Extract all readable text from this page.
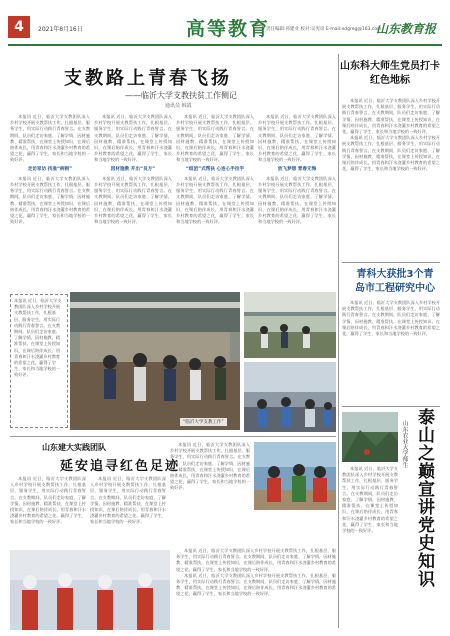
4	2021年8月16日	高等教育
责任编辑:孙建业 校对:吴宪谊 E-mail:edgreg@163.com
山东教育报
支教路上青春飞扬
——临沂大学支教扶贫工作侧记
通讯员 韩霞
本报讯 近日，临沂大学支教团队深入乡村学校开展支教帮扶工作，扎根基层、服务学生，用实际行动践行青春誓言。在支教期间，队员们走访家庭、了解学情，因材施教、精准帮扶，在课堂上传授知识，在课后陪伴成长，用青春和汗水浇灌乡村教育的希望之花，赢得了学生、家长和当地学校的一致好评。
走访家访 找准“病根”
本报讯 近日，临沂大学支教团队深入乡村学校开展支教帮扶工作，扎根基层、服务学生，用实际行动践行青春誓言。在支教期间，队员们走访家庭、了解学情，因材施教、精准帮扶，在课堂上传授知识，在课后陪伴成长，用青春和汗水浇灌乡村教育的希望之花，赢得了学生、家长和当地学校的一致好评。
本报讯 近日，临沂大学支教团队深入乡村学校开展支教帮扶工作，扎根基层、服务学生，用实际行动践行青春誓言。在支教期间，队员们走访家庭、了解学情，因材施教、精准帮扶，在课堂上传授知识，在课后陪伴成长，用青春和汗水浇灌乡村教育的希望之花，赢得了学生、家长和当地学校的一致好评。
因材施教 开出“良方”
本报讯 近日，临沂大学支教团队深入乡村学校开展支教帮扶工作，扎根基层、服务学生，用实际行动践行青春誓言。在支教期间，队员们走访家庭、了解学情，因材施教、精准帮扶，在课堂上传授知识，在课后陪伴成长，用青春和汗水浇灌乡村教育的希望之花，赢得了学生、家长和当地学校的一致好评。
本报讯 近日，临沂大学支教团队深入乡村学校开展支教帮扶工作，扎根基层、服务学生，用实际行动践行青春誓言。在支教期间，队员们走访家庭、了解学情，因材施教、精准帮扶，在课堂上传授知识，在课后陪伴成长，用青春和汗水浇灌乡村教育的希望之花，赢得了学生、家长和当地学校的一致好评。
“组团”式帮扶 心连心手拉手
本报讯 近日，临沂大学支教团队深入乡村学校开展支教帮扶工作，扎根基层、服务学生，用实际行动践行青春誓言。在支教期间，队员们走访家庭、了解学情，因材施教、精准帮扶，在课堂上传授知识，在课后陪伴成长，用青春和汗水浇灌乡村教育的希望之花，赢得了学生、家长和当地学校的一致好评。
本报讯 近日，临沂大学支教团队深入乡村学校开展支教帮扶工作，扎根基层、服务学生，用实际行动践行青春誓言。在支教期间，队员们走访家庭、了解学情，因材施教、精准帮扶，在课堂上传授知识，在课后陪伴成长，用青春和汗水浇灌乡村教育的希望之花，赢得了学生、家长和当地学校的一致好评。
放飞梦想 青春无悔
本报讯 近日，临沂大学支教团队深入乡村学校开展支教帮扶工作，扎根基层、服务学生，用实际行动践行青春誓言。在支教期间，队员们走访家庭、了解学情，因材施教、精准帮扶，在课堂上传授知识，在课后陪伴成长，用青春和汗水浇灌乡村教育的希望之花，赢得了学生、家长和当地学校的一致好评。
本报讯 近日，临沂大学支教团队深入乡村学校开展支教帮扶工作，扎根基层、服务学生，用实际行动践行青春誓言。在支教期间，队员们走访家庭、了解学情，因材施教、精准帮扶，在课堂上传授知识，在课后陪伴成长，用青春和汗水浇灌乡村教育的希望之花，赢得了学生、家长和当地学校的一致好评。
“临沂大学支教工作”
山东建大实践团队
延安追寻红色足迹
本报讯 近日，临沂大学支教团队深入乡村学校开展支教帮扶工作，扎根基层、服务学生，用实际行动践行青春誓言。在支教期间，队员们走访家庭、了解学情，因材施教、精准帮扶，在课堂上传授知识，在课后陪伴成长，用青春和汗水浇灌乡村教育的希望之花，赢得了学生、家长和当地学校的一致好评。
本报讯 近日，临沂大学支教团队深入乡村学校开展支教帮扶工作，扎根基层、服务学生，用实际行动践行青春誓言。在支教期间，队员们走访家庭、了解学情，因材施教、精准帮扶，在课堂上传授知识，在课后陪伴成长，用青春和汗水浇灌乡村教育的希望之花，赢得了学生、家长和当地学校的一致好评。
本报讯 近日，临沂大学支教团队深入乡村学校开展支教帮扶工作，扎根基层、服务学生，用实际行动践行青春誓言。在支教期间，队员们走访家庭、了解学情，因材施教、精准帮扶，在课堂上传授知识，在课后陪伴成长，用青春和汗水浇灌乡村教育的希望之花，赢得了学生、家长和当地学校的一致好评。
本报讯 近日，临沂大学支教团队深入乡村学校开展支教帮扶工作，扎根基层、服务学生，用实际行动践行青春誓言。在支教期间，队员们走访家庭、了解学情，因材施教、精准帮扶，在课堂上传授知识，在课后陪伴成长，用青春和汗水浇灌乡村教育的希望之花，赢得了学生、家长和当地学校的一致好评。
本报讯 近日，临沂大学支教团队深入乡村学校开展支教帮扶工作，扎根基层、服务学生，用实际行动践行青春誓言。在支教期间，队员们走访家庭、了解学情，因材施教、精准帮扶，在课堂上传授知识，在课后陪伴成长，用青春和汗水浇灌乡村教育的希望之花，赢得了学生、家长和当地学校的一致好评。
山东科大师生党员打卡红色地标
本报讯 近日，临沂大学支教团队深入乡村学校开展支教帮扶工作，扎根基层、服务学生，用实际行动践行青春誓言。在支教期间，队员们走访家庭、了解学情，因材施教、精准帮扶，在课堂上传授知识，在课后陪伴成长，用青春和汗水浇灌乡村教育的希望之花，赢得了学生、家长和当地学校的一致好评。
本报讯 近日，临沂大学支教团队深入乡村学校开展支教帮扶工作，扎根基层、服务学生，用实际行动践行青春誓言。在支教期间，队员们走访家庭、了解学情，因材施教、精准帮扶，在课堂上传授知识，在课后陪伴成长，用青春和汗水浇灌乡村教育的希望之花，赢得了学生、家长和当地学校的一致好评。
青科大获批3个青岛市工程研究中心
本报讯 近日，临沂大学支教团队深入乡村学校开展支教帮扶工作，扎根基层、服务学生，用实际行动践行青春誓言。在支教期间，队员们走访家庭、了解学情，因材施教、精准帮扶，在课堂上传授知识，在课后陪伴成长，用青春和汗水浇灌乡村教育的希望之花，赢得了学生、家长和当地学校的一致好评。
本报讯 近日，临沂大学支教团队深入乡村学校开展支教帮扶工作，扎根基层、服务学生，用实际行动践行青春誓言。在支教期间，队员们走访家庭、了解学情，因材施教、精准帮扶，在课堂上传授知识，在课后陪伴成长，用青春和汗水浇灌乡村教育的希望之花，赢得了学生、家长和当地学校的一致好评。
山东农业大学师生 泰山之巅宣讲党史知识
